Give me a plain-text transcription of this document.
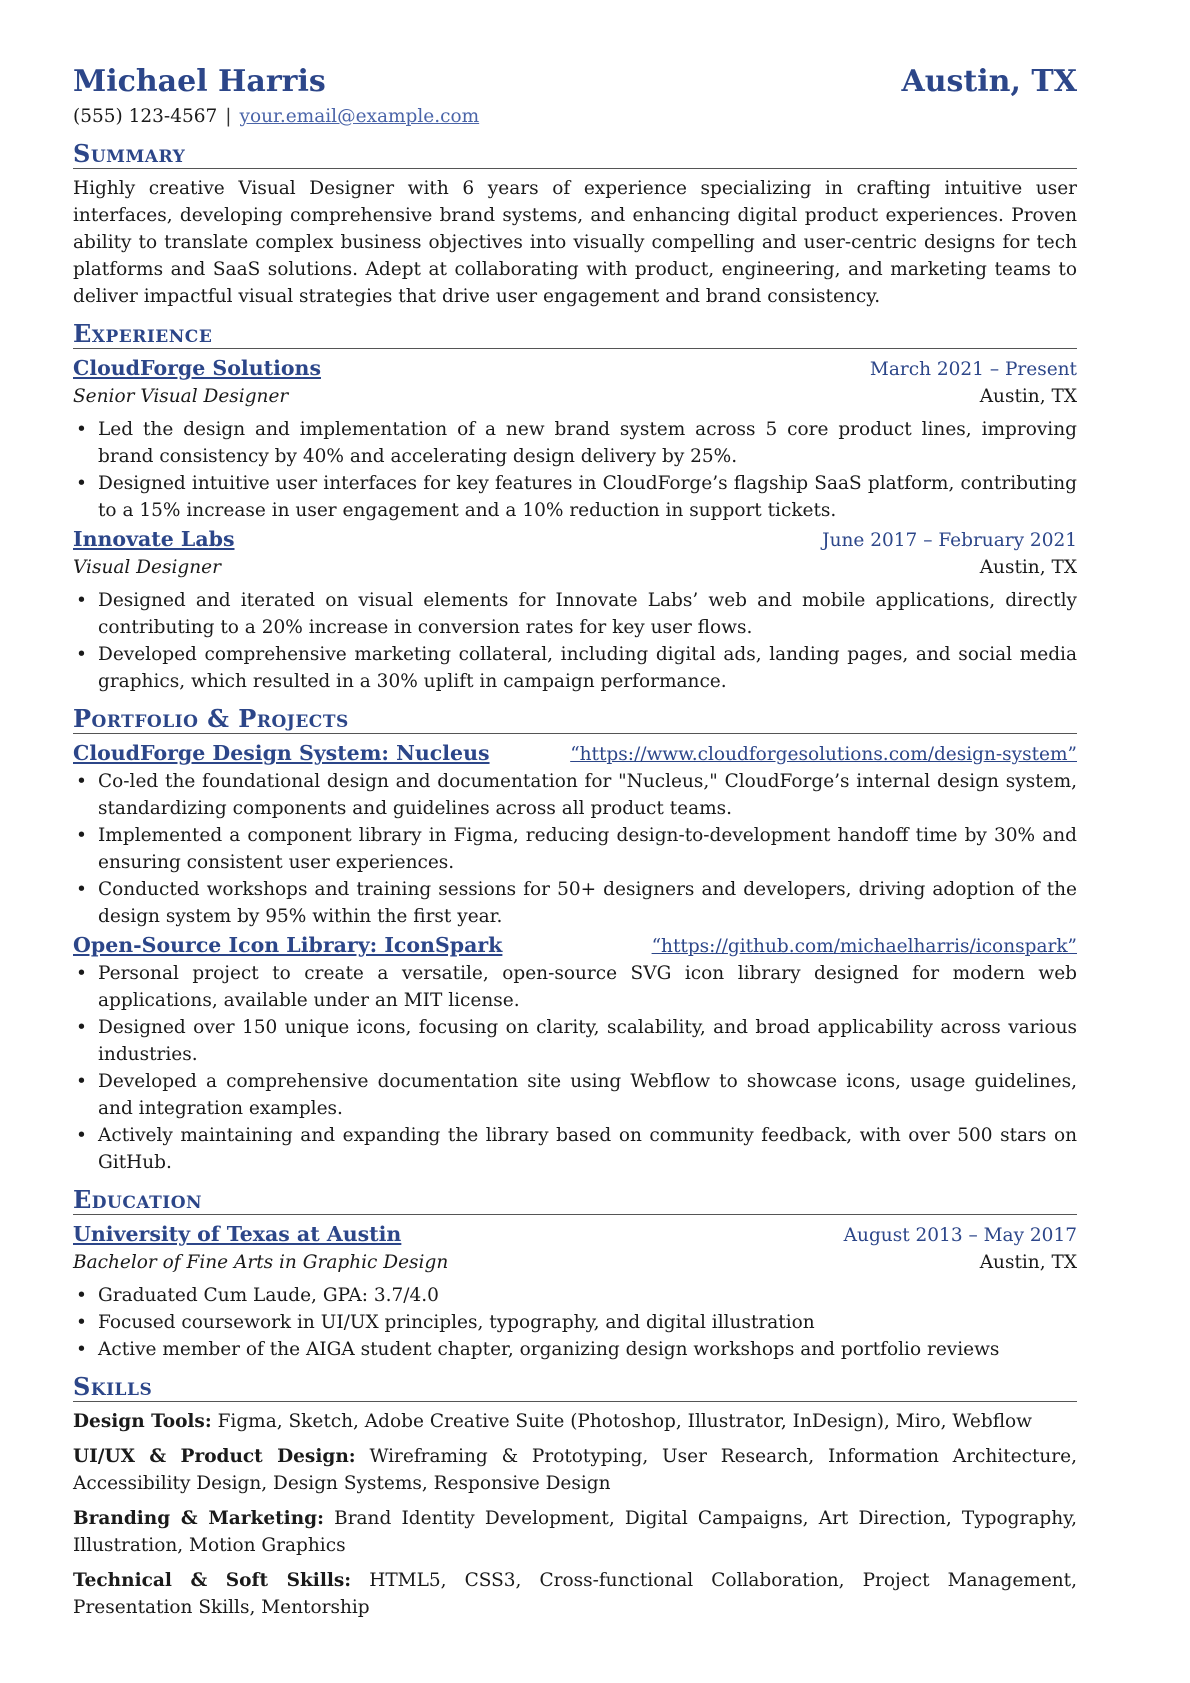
Michael Harris	Austin, TX
(555) 123-4567 | your.email@example.com
Summary
Highly creative Visual Designer with 6 years of experience specializing in crafting intuitive user interfaces, developing comprehensive brand systems, and enhancing digital product experiences. Proven ability to translate complex business objectives into visually compelling and user-centric designs for tech platforms and SaaS solutions. Adept at collaborating with product, engineering, and marketing teams to deliver impactful visual strategies that drive user engagement and brand consistency.
Experience
CloudForge Solutions	March 2021 – Present
Senior Visual Designer	Austin, TX
• Led the design and implementation of a new brand system across 5 core product lines, improving brand consistency by 40% and accelerating design delivery by 25%.
• Designed intuitive user interfaces for key features in CloudForge’s flagship SaaS platform, contributing to a 15% increase in user engagement and a 10% reduction in support tickets.
Innovate Labs	June 2017 – February 2021
Visual Designer	Austin, TX
• Designed and iterated on visual elements for Innovate Labs’ web and mobile applications, directly contributing to a 20% increase in conversion rates for key user flows.
• Developed comprehensive marketing collateral, including digital ads, landing pages, and social media graphics, which resulted in a 30% uplift in campaign performance.
Portfolio & Projects
CloudForge Design System: Nucleus	“https://www.cloudforgesolutions.com/design-system”
• Co-led the foundational design and documentation for "Nucleus," CloudForge’s internal design system, standardizing components and guidelines across all product teams.
• Implemented a component library in Figma, reducing design-to-development handoff time by 30% and ensuring consistent user experiences.
• Conducted workshops and training sessions for 50+ designers and developers, driving adoption of the design system by 95% within the first year.
Open-Source Icon Library: IconSpark	“https://github.com/michaelharris/iconspark”
• Personal project to create a versatile, open-source SVG icon library designed for modern web applications, available under an MIT license.
• Designed over 150 unique icons, focusing on clarity, scalability, and broad applicability across various industries.
• Developed a comprehensive documentation site using Webflow to showcase icons, usage guidelines, and integration examples.
• Actively maintaining and expanding the library based on community feedback, with over 500 stars on GitHub.
Education
University of Texas at Austin	August 2013 – May 2017
Bachelor of Fine Arts in Graphic Design	Austin, TX
• Graduated Cum Laude, GPA: 3.7/4.0
• Focused coursework in UI/UX principles, typography, and digital illustration
• Active member of the AIGA student chapter, organizing design workshops and portfolio reviews
Skills
Design Tools: Figma, Sketch, Adobe Creative Suite (Photoshop, Illustrator, InDesign), Miro, Webflow
UI/UX & Product Design: Wireframing & Prototyping, User Research, Information Architecture, Accessibility Design, Design Systems, Responsive Design
Branding & Marketing: Brand Identity Development, Digital Campaigns, Art Direction, Typography, Illustration, Motion Graphics
Technical & Soft Skills: HTML5, CSS3, Cross-functional Collaboration, Project Management, Presentation Skills, Mentorship
